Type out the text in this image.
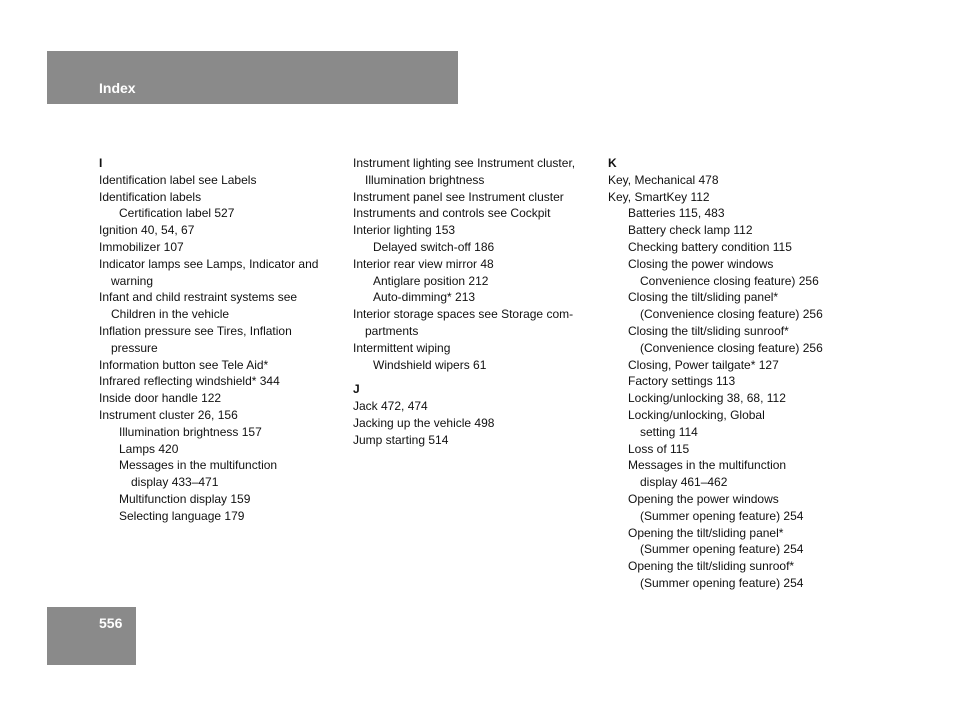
Index
I
Identification label see Labels
Identification labels
Certification label 527
Ignition 40, 54, 67
Immobilizer 107
Indicator lamps see Lamps, Indicator and
warning
Infant and child restraint systems see
Children in the vehicle
Inflation pressure see Tires, Inflation
pressure
Information button see Tele Aid*
Infrared reflecting windshield* 344
Inside door handle 122
Instrument cluster 26, 156
Illumination brightness 157
Lamps 420
Messages in the multifunction
display 433–471
Multifunction display 159
Selecting language 179
Instrument lighting see Instrument cluster,
Illumination brightness
Instrument panel see Instrument cluster
Instruments and controls see Cockpit
Interior lighting 153
Delayed switch-off 186
Interior rear view mirror 48
Antiglare position 212
Auto-dimming* 213
Interior storage spaces see Storage com-
partments
Intermittent wiping
Windshield wipers 61
J
Jack 472, 474
Jacking up the vehicle 498
Jump starting 514
K
Key, Mechanical 478
Key, SmartKey 112
Batteries 115, 483
Battery check lamp 112
Checking battery condition 115
Closing the power windows
Convenience closing feature) 256
Closing the tilt/sliding panel*
(Convenience closing feature) 256
Closing the tilt/sliding sunroof*
(Convenience closing feature) 256
Closing, Power tailgate* 127
Factory settings 113
Locking/unlocking 38, 68, 112
Locking/unlocking, Global
setting 114
Loss of 115
Messages in the multifunction
display 461–462
Opening the power windows
(Summer opening feature) 254
Opening the tilt/sliding panel*
(Summer opening feature) 254
Opening the tilt/sliding sunroof*
(Summer opening feature) 254
556
